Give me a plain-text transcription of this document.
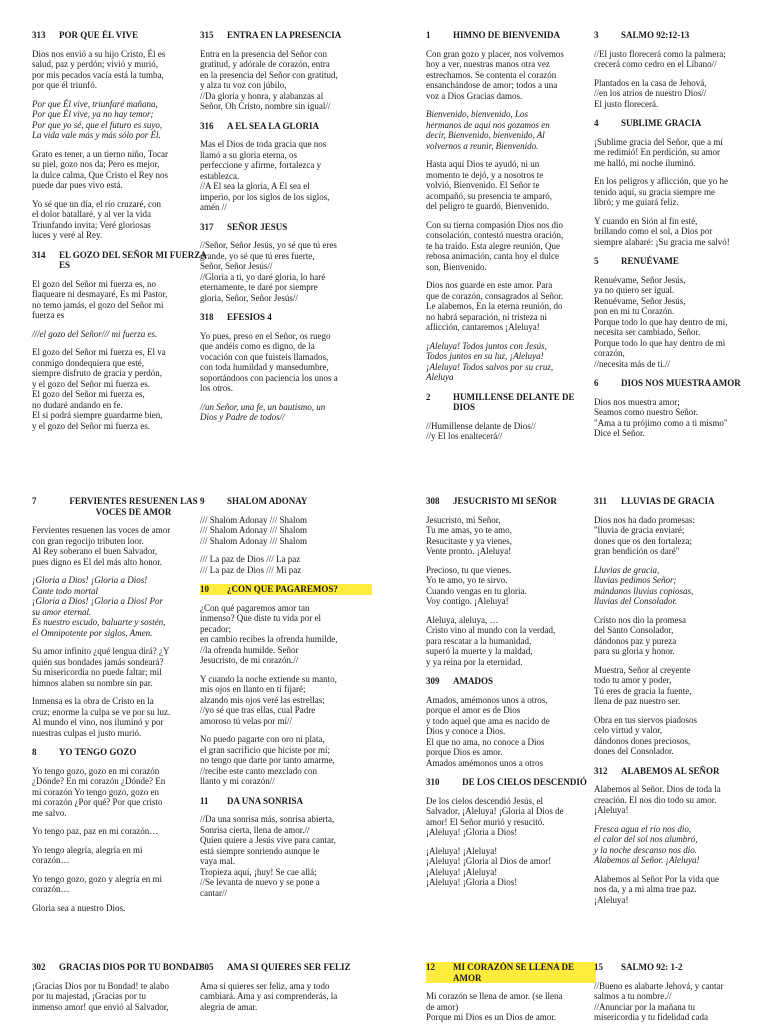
313	POR QUE ÉL VIVE
Dios nos envió a su hijo Cristo, Él es
salud, paz y perdón; vivió y murió,
por mis pecados vacía está la tumba,
por que él triunfó.
Por que Él vive, triunfaré mañana,
Por que Él vive, ya no hay temor;
Por que yo sé, que el futuro es suyo,
La vida vale más y más sólo por Él.
Grato es tener, a un tierno niño, Tocar
su piel, gozo nos da; Pero es mejor,
la dulce calma, Que Cristo el Rey nos
puede dar pues vivo está.
Yo sé que un día, el río cruzaré, con
el dolor batallaré, y al ver la vida
Triunfando invita; Veré gloriosas
luces y veré al Rey.
314	EL GOZO DEL SEÑOR MI FUERZA ES
El gozo del Señor mi fuerza es, no
flaqueare ni desmayaré, Es mi Pastor,
no temo jamás, el gozo del Señor mi
fuerza es
///el gozo del Señor/// mi fuerza es.
El gozo del Señor mi fuerza es, El va
conmigo dondequiera que esté,
siempre disfruto de gracia y perdón,
y el gozo del Señor mi fuerza es.
El gozo del Señor mi fuerza es,
no dudaré andando en fe.
El si podrá siempre guardarme bien,
y el gozo del Señor mi fuerza es.
315	ENTRA EN LA PRESENCIA
Entra en la presencia del Señor con
gratitud, y adórale de corazón, entra
en la presencia del Señor con gratitud,
y alza tu voz con júbilo,
//Da gloria y honra, y alabanzas al
Señor, Oh Cristo, nombre sin igual//
316	A EL SEA LA GLORIA
Mas el Dios de toda gracia que nos
llamó a su gloria eterna, os
perfeccione y afirme, fortalezca y
establezca.
//A El sea la gloria, A El sea el
imperio, por los siglos de los siglos,
amén //
317	SEÑOR JESUS
//Señor, Señor Jesús, yo sé que tú eres
grande, yo sé que tú eres fuerte,
Señor, Señor Jesús//
//Gloria a ti, yo daré gloria, lo haré
eternamente, te daré por siempre
gloria, Señor, Señor Jesús//
318	EFESIOS 4
Yo pues, preso en el Señor, os ruego
que andéis como es digno, de la
vocación con que fuisteis llamados,
con toda humildad y mansedumbre,
soportándoos con paciencia los unos a
los otros.
//un Señor, una fe, un bautismo, un
Dios y Padre de todos//
1	HIMNO DE BIENVENIDA
Con gran gozo y placer, nos volvemos
hoy a ver, nuestras manos otra vez
estrechamos. Se contenta el corazón
ensanchándose de amor; todos a una
voz a Dios Gracias damos.
Bienvenido, bienvenido, Los
hermanos de aquí nos gozamos en
decir, Bienvenido, bienvenido, Al
volvernos a reunir, Bienvenido.
Hasta aquí Dios te ayudó, ni un
momento te dejó, y a nosotros te
volvió, Bienvenido. El Señor te
acompañó, su presencia te amparó,
del peligro te guardó, Bienvenido.
Con su tierna compasión Dios nos dio
consolación, contestó nuestra oración,
te ha traído. Esta alegre reunión, Que
rebosa animación, canta hoy el dulce
son, Bienvenido.
Dios nos guarde en este amor. Para
que de corazón, consagrados al Señor.
Le alabemos, En la eterna reunión, do
no habrá separación, ni tristeza ni
aflicción, cantaremos ¡Aleluya!
¡Aleluya! Todos juntos con Jesús,
Todos juntos en su luz, ¡Aleluya!
¡Aleluya! Todos salvos por su cruz,
Aleluya
2	HUMILLENSE DELANTE DE DIOS
//Humíllense delante de Dios//
//y El los enaltecerá//
3	SALMO 92:12-13
//El justo florecerá como la palmera;
crecerá como cedro en el Líbano//
Plantados en la casa de Jehová,
//en los atrios de nuestro Dios//
El justo florecerá.
4	SUBLIME GRACIA
¡Sublime gracia del Señor, que a mí
me redimió! En perdición, su amor
me halló, mi noche iluminó.
En los peligros y aflicción, que yo he
tenido aquí, su gracia siempre me
libró; y me guiará feliz.
Y cuando en Sión al fin esté,
brillando como el sol, a Dios por
siempre alabaré: ¡Su gracia me salvó!
5	RENUÉVAME
Renuévame, Señor Jesús,
ya no quiero ser igual.
Renuévame, Señor Jesús,
pon en mi tu Corazón.
Porque todo lo que hay dentro de mi,
necesita ser cambiado, Señor.
Porque todo lo que hay dentro de mi
corazón,
//necesita más de ti.//
6	DIOS NOS MUESTRA AMOR
Dios nos muestra amor;
Seamos como nuestro Señor.
"Ama a tu prójimo como a ti mismo"
Dice el Señor.
7	FERVIENTES RESUENEN LAS VOCES DE AMOR
Fervientes resuenen las voces de amor
con gran regocijo tributen loor.
Al Rey soberano el buen Salvador,
pues digno es El del más alto honor.
¡Gloria a Dios! ¡Gloria a Dios!
Cante todo mortal
¡Gloria a Dios! ¡Gloria a Dios! Por
su amor eternal.
Es nuestro escudo, baluarte y sostén,
el Omnipotente por siglos, Amen.
Su amor infinito ¿qué lengua dirá? ¿Y
quién sus bondades jamás sondeará?
Su misericordia no puede faltar; mil
himnos alaben su nombre sin par.
Inmensa es la obra de Cristo en la
cruz; enorme la culpa se ve por su luz.
Al mundo el vino, nos iluminó y por
nuestras culpas el justo murió.
8	YO TENGO GOZO
Yo tengo gozo, gozo en mi corazón
¿Dónde? En mi corazón ¿Dónde? En
mi corazón Yo tengo gozo, gozo en
mi corazón ¿Por qué? Por que cristo
me salvo.
Yo tengo paz, paz en mi corazón…
Yo tengo alegría, alegría en mi
corazón…
Yo tengo gozo, gozo y alegría en mi
corazón…
Gloria sea a nuestro Dios.
9	SHALOM ADONAY
/// Shalom Adonay /// Shalom
/// Shalom Adonay /// Shalom
/// Shalom Adonay /// Shalom
/// La paz de Dios /// La paz
/// La paz de Dios /// Mi paz
10	¿CON QUE PAGAREMOS?
¿Con qué pagaremos amor tan
inmenso? Que diste tu vida por el
pecador;
en cambio recibes la ofrenda humilde,
//la ofrenda humilde. Señor
Jesucristo, de mi corazón.//
Y cuando la noche extiende su manto,
mis ojos en llanto en ti fijaré;
alzando mis ojos veré las estrellas;
//yo sé que tras ellas, cual Padre
amoroso tú velas por mí//
No puedo pagarte con oro ni plata,
el gran sacrificio que hiciste por mí;
no tengo que darte por tanto amarme,
//recibe este canto mezclado con
llanto y mi corazón//
11	DA UNA SONRISA
//Da una sonrisa más, sonrisa abierta,
Sonrisa cierta, llena de amor.//
Quien quiere a Jesús vive para cantar,
está siempre sonriendo aunque le
vaya mal.
Tropieza aquí, ¡huy! Se cae allá;
//Se levanta de nuevo y se pone a
cantar//
308	JESUCRISTO MI SEÑOR
Jesucristo, mi Señor,
Tu me amas, yo te amo,
Resucitaste y ya vienes,
Vente pronto. ¡Aleluya!
Precioso, tu que vienes.
Yo te amo, yo te sirvo.
Cuando vengas en tu gloria.
Voy contigo. ¡Aleluya!
Aleluya, aleluya, …
Cristo vino al mundo con la verdad,
para rescatar a la humanidad,
superó la muerte y la maldad,
y ya reina por la eternidad.
309	AMADOS
Amados, amémonos unos a otros,
porque el amor es de Dios
y todo aquel que ama es nacido de
Dios y conoce a Dios.
El que no ama, no conoce a Dios
porque Dios es amor.
Amados amémonos unos a otros
310	DE LOS CIELOS DESCENDIÓ
De los cielos descendió Jesús, el
Salvador, ¡Aleluya! ¡Gloria al Dios de
amor! El Señor murió y resucitó.
¡Aleluya! ¡Gloria a Dios!
¡Aleluya! ¡Aleluya!
¡Aleluya! ¡Gloria al Dios de amor!
¡Aleluya! ¡Aleluya!
¡Aleluya! ¡Gloria a Dios!
311	LLUVIAS DE GRACIA
Dios nos ha dado promesas:
"lluvia de gracia enviaré;
dones que os den fortaleza;
gran bendición os daré"
Lluvias de gracia,
lluvias pedimos Señor;
mándanos lluvias copiosas,
lluvias del Consolador.
Cristo nos dio la promesa
del Santo Consolador,
dándonos paz y pureza
para su gloria y honor.
Muestra, Señor al creyente
todo tu amor y poder,
Tú eres de gracia la fuente,
llena de paz nuestro ser.
Obra en tus siervos piadosos
celo virtud y valor,
dándonos dones preciosos,
dones del Consolador.
312	ALABEMOS AL SEÑOR
Alabemos al Señor. Dios de toda la
creación. El nos dio todo su amor.
¡Aleluya!
Fresca agua el río nos dio,
el calor del sol nos alumbró,
y la noche descanso nos dio.
Alabemos al Señor. ¡Aleluya!
Alabemos al Señor Por la vida que
nos da, y a mi alma trae paz.
¡Aleluya!
302	GRACIAS DIOS POR TU BONDAD
¡Gracias Dios por tu Bondad! te alabo
por tu majestad, ¡Gracias por tu
inmenso amor! que envió al Salvador,
305	AMA SI QUIERES SER FELIZ
Ama si quieres ser feliz, ama y todo
cambiará. Ama y así comprenderás, la
alegría de amar.
12	MI CORAZÓN SE LLENA DE AMOR
Mi corazón se llena de amor. (se llena
de amor)
Porque mi Dios es un Dios de amor.
15	SALMO 92: 1-2
//Bueno es alabarte Jehová, y cantar
salmos a tu nombre.//
//Anunciar por la mañana tu
misericordia y tu fidelidad cada
